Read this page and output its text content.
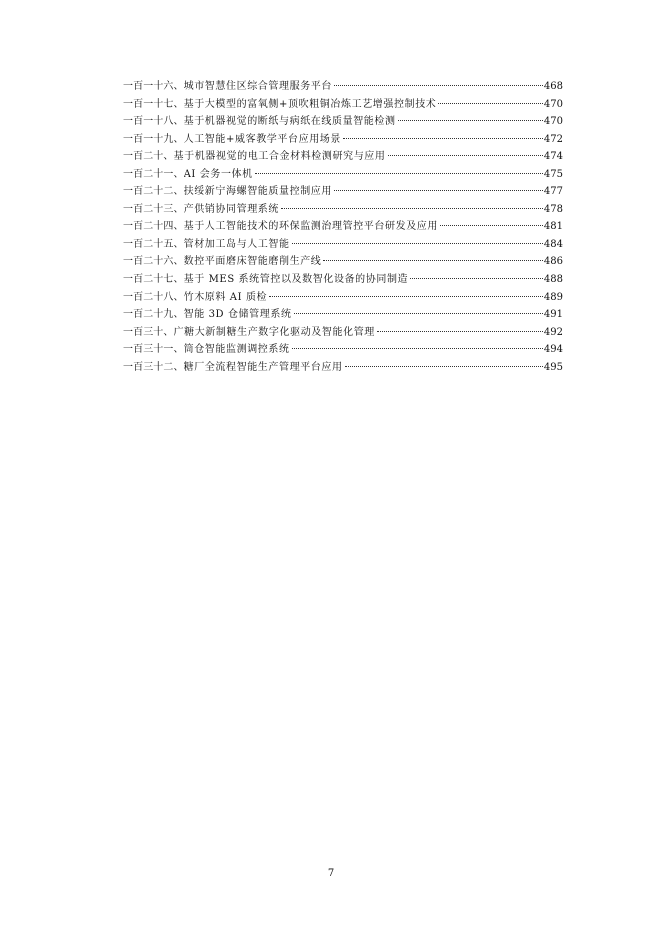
一百一十六、 城市智慧住区综合管理服务平台	468
一百一十七、 基于大模型的富氧侧+顶吹粗铜冶炼工艺增强控制技术	470
一百一十八、 基于机器视觉的断纸与病纸在线质量智能检测	470
一百一十九、 人工智能+威客教学平台应用场景	472
一百二十、 基于机器视觉的电工合金材料检测研究与应用	474
一百二十一、 AI 会务一体机	475
一百二十二、 扶绥新宁海螺智能质量控制应用	477
一百二十三、 产供销协同管理系统	478
一百二十四、 基于人工智能技术的环保监测治理管控平台研发及应用	481
一百二十五、 管材加工岛与人工智能	484
一百二十六、 数控平面磨床智能磨削生产线	486
一百二十七、 基于 MES 系统管控以及数智化设备的协同制造	488
一百二十八、 竹木原料 AI 质检	489
一百二十九、 智能 3D 仓储管理系统	491
一百三十、 广糖大新制糖生产数字化驱动及智能化管理	492
一百三十一、 筒仓智能监测调控系统	494
一百三十二、 糖厂全流程智能生产管理平台应用	495
7
